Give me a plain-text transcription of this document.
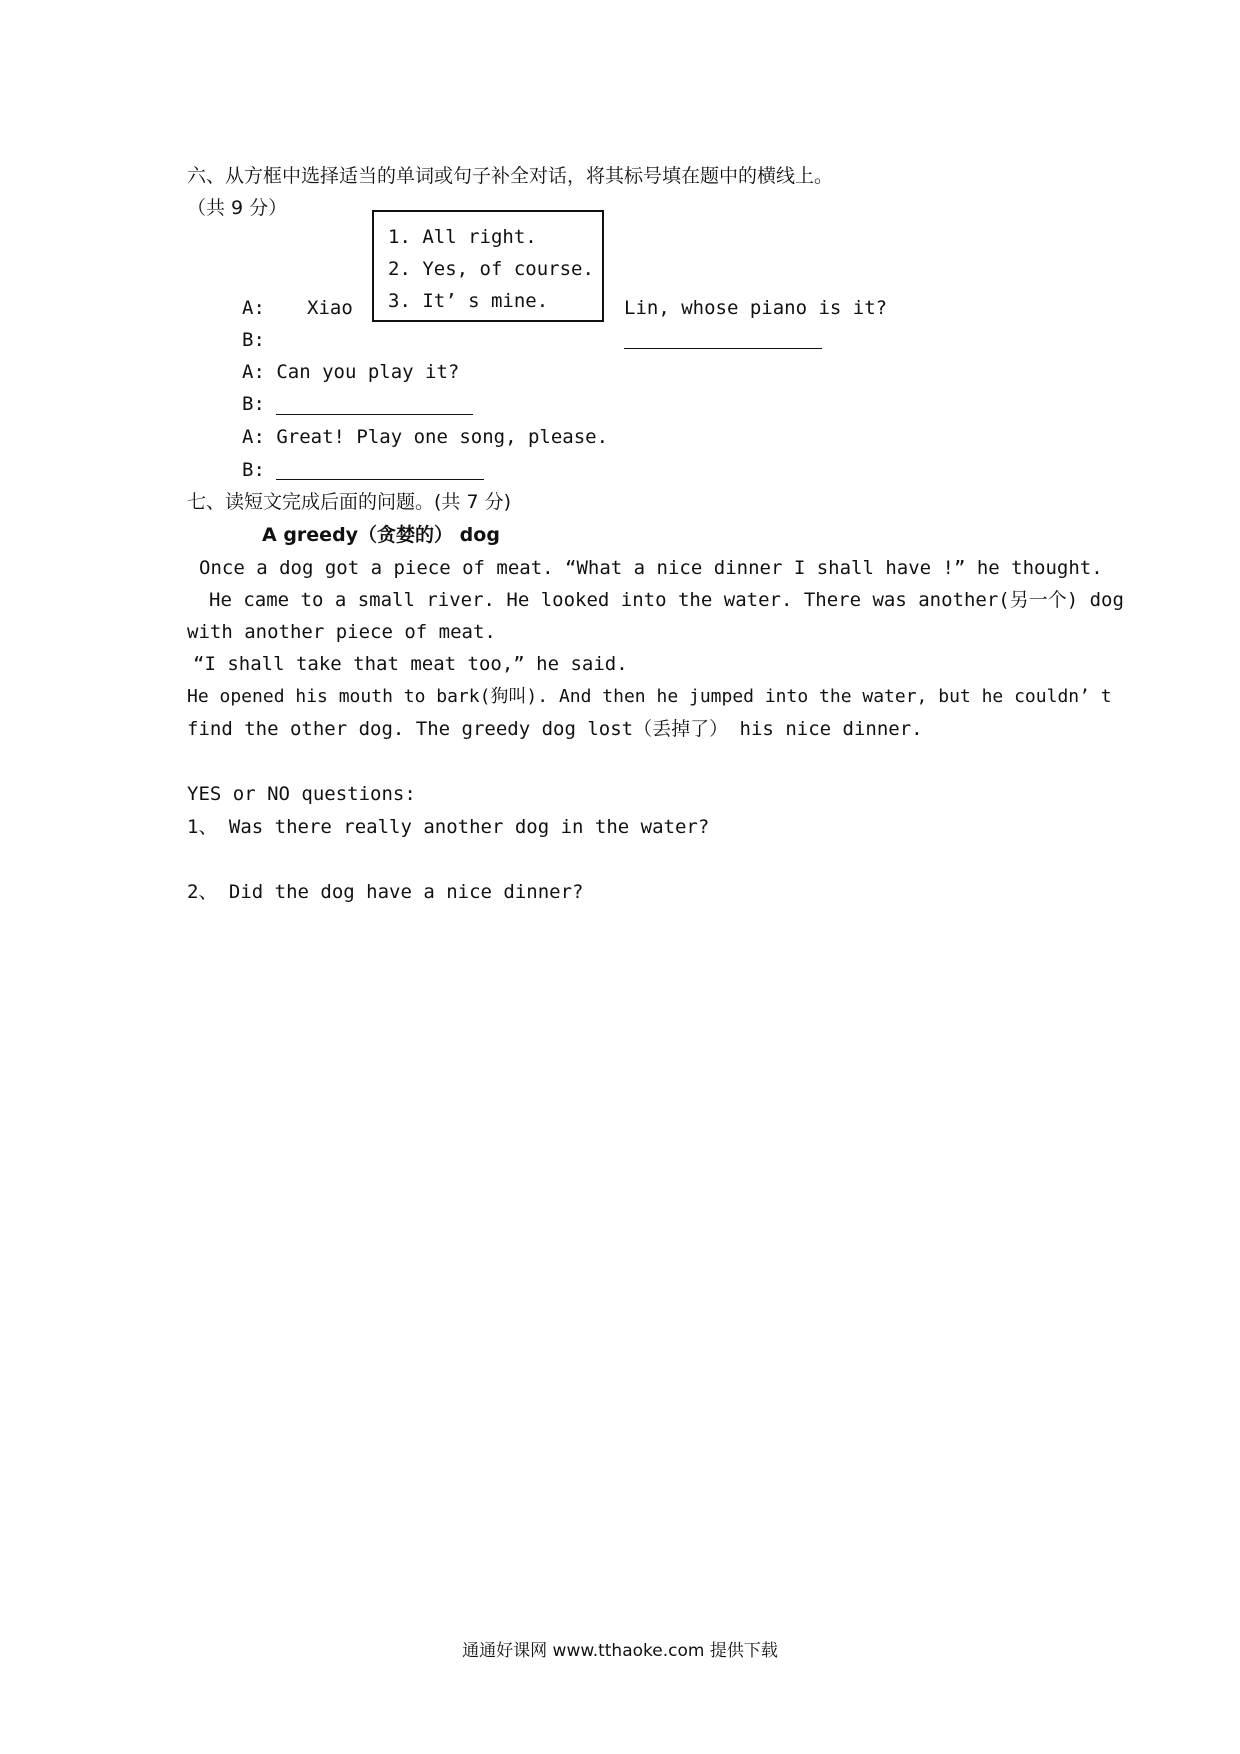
六、从方框中选择适当的单词或句子补全对话，将其标号填在题中的横线上。
（共 9 分）
1. All right.
2. Yes, of course.
3. It’ s mine.
A: Xiao	Lin, whose piano is it?
B:
A: Can you play it?
B:
A: Great! Play one song, please.
B:
七、读短文完成后面的问题。(共 7 分)
A greedy（贪婪的） dog
Once a dog got a piece of meat. “What a nice dinner I shall have !” he thought.
He came to a small river. He looked into the water. There was another(另一个) dog
with another piece of meat.
“I shall take that meat too,” he said.
He opened his mouth to bark(狗叫). And then he jumped into the water, but he couldn’ t
find the other dog. The greedy dog lost（丢掉了） his nice dinner.
YES or NO questions:
1、 Was there really another dog in the water?
2、 Did the dog have a nice dinner?
通通好课网 www.tthaoke.com 提供下载
